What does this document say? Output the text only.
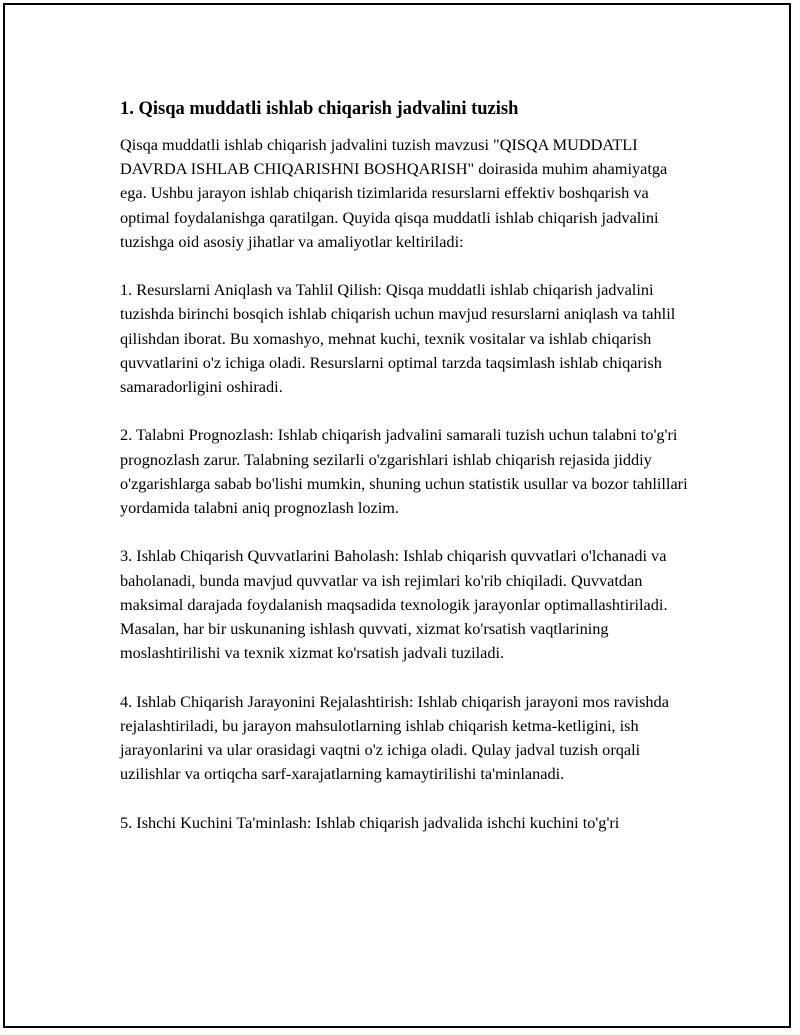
1. Qisqa muddatli ishlab chiqarish jadvalini tuzish

Qisqa muddatli ishlab chiqarish jadvalini tuzish mavzusi "QISQA MUDDATLI DAVRDA ISHLAB CHIQARISHNI BOSHQARISH" doirasida muhim ahamiyatga ega. Ushbu jarayon ishlab chiqarish tizimlarida resurslarni effektiv boshqarish va optimal foydalanishga qaratilgan. Quyida qisqa muddatli ishlab chiqarish jadvalini tuzishga oid asosiy jihatlar va amaliyotlar keltiriladi:

1. Resurslarni Aniqlash va Tahlil Qilish: Qisqa muddatli ishlab chiqarish jadvalini tuzishda birinchi bosqich ishlab chiqarish uchun mavjud resurslarni aniqlash va tahlil qilishdan iborat. Bu xomashyo, mehnat kuchi, texnik vositalar va ishlab chiqarish quvvatlarini o'z ichiga oladi. Resurslarni optimal tarzda taqsimlash ishlab chiqarish samaradorligini oshiradi.

2. Talabni Prognozlash: Ishlab chiqarish jadvalini samarali tuzish uchun talabni to'g'ri prognozlash zarur. Talabning sezilarli o'zgarishlari ishlab chiqarish rejasida jiddiy o'zgarishlarga sabab bo'lishi mumkin, shuning uchun statistik usullar va bozor tahlillari yordamida talabni aniq prognozlash lozim.

3. Ishlab Chiqarish Quvvatlarini Baholash: Ishlab chiqarish quvvatlari o'lchanadi va baholanadi, bunda mavjud quvvatlar va ish rejimlari ko'rib chiqiladi. Quvvatdan maksimal darajada foydalanish maqsadida texnologik jarayonlar optimallashtiriladi. Masalan, har bir uskunaning ishlash quvvati, xizmat ko'rsatish vaqtlarining moslashtirilishi va texnik xizmat ko'rsatish jadvali tuziladi.

4. Ishlab Chiqarish Jarayonini Rejalashtirish: Ishlab chiqarish jarayoni mos ravishda rejalashtiriladi, bu jarayon mahsulotlarning ishlab chiqarish ketma-ketligini, ish jarayonlarini va ular orasidagi vaqtni o'z ichiga oladi. Qulay jadval tuzish orqali uzilishlar va ortiqcha sarf-xarajatlarning kamaytirilishi ta'minlanadi.

5. Ishchi Kuchini Ta'minlash: Ishlab chiqarish jadvalida ishchi kuchini to'g'ri
